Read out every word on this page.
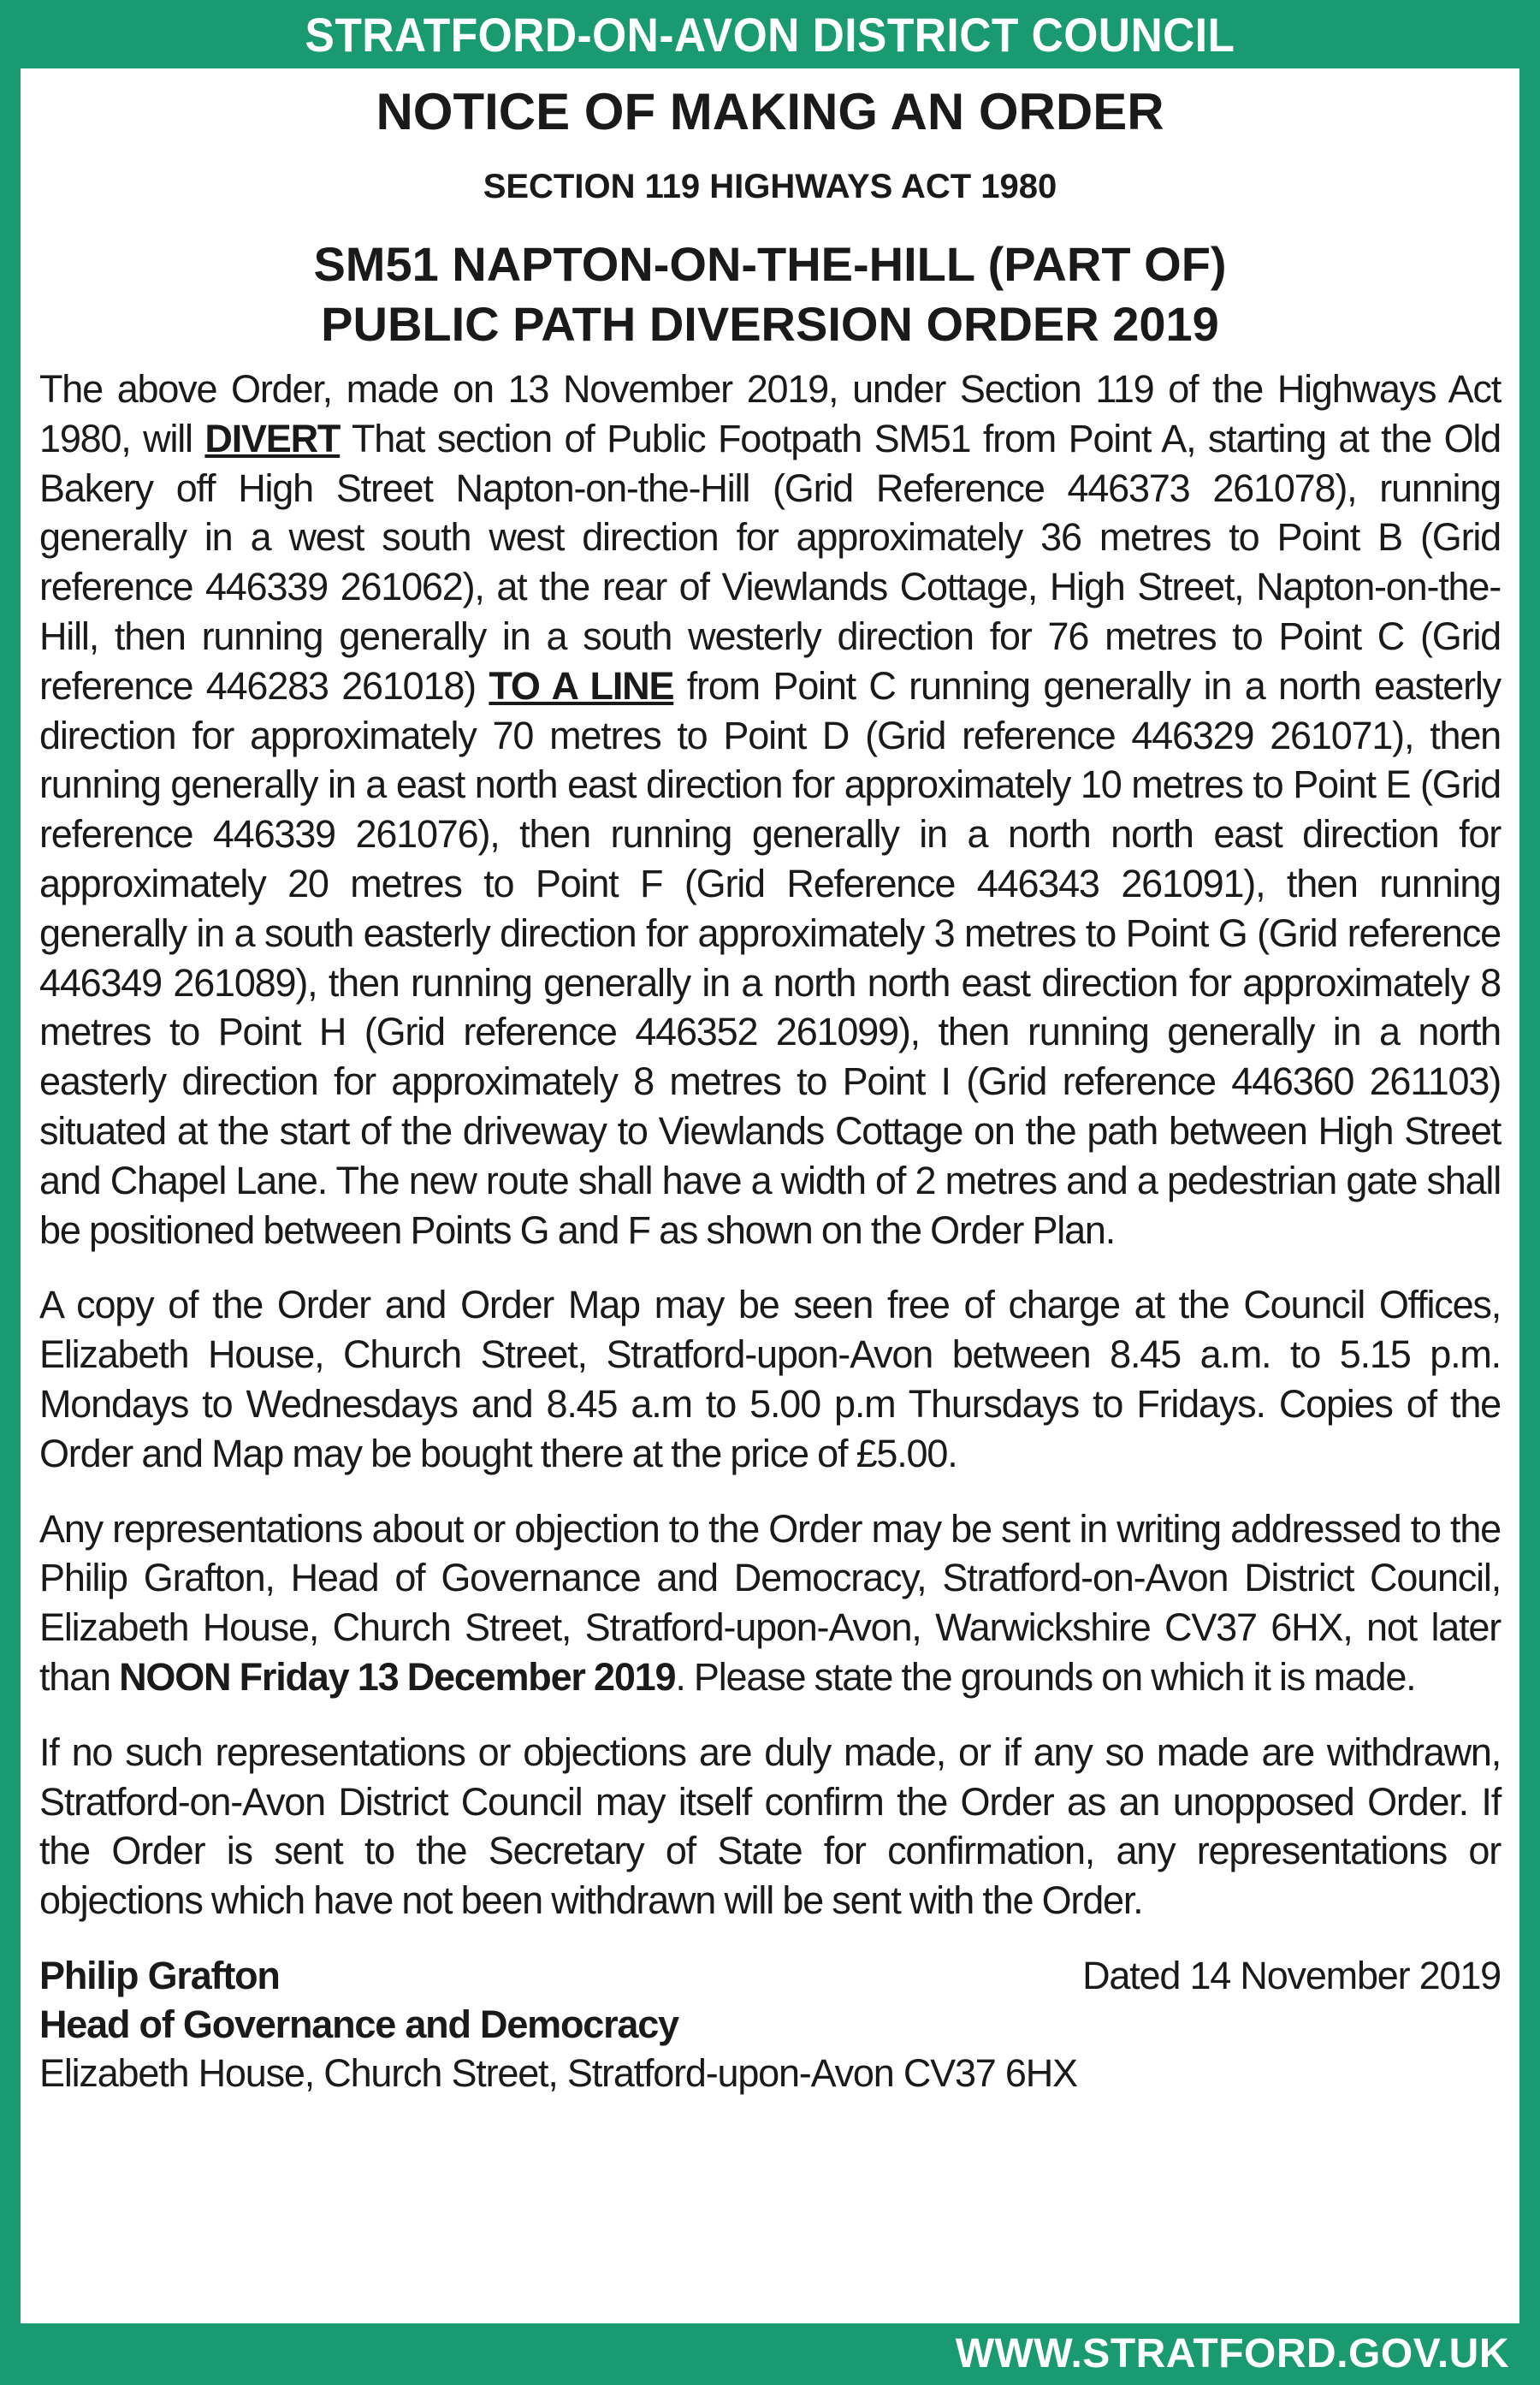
STRATFORD-ON-AVON DISTRICT COUNCIL
NOTICE OF MAKING AN ORDER
SECTION 119 HIGHWAYS ACT 1980
SM51 NAPTON-ON-THE-HILL (PART OF)
PUBLIC PATH DIVERSION ORDER 2019

The above Order, made on 13 November 2019, under Section 119 of the Highways Act 1980, will DIVERT That section of Public Footpath SM51 from Point A, starting at the Old Bakery off High Street Napton-on-the-Hill (Grid Reference 446373 261078), running generally in a west south west direction for approximately 36 metres to Point B (Grid reference 446339 261062), at the rear of Viewlands Cottage, High Street, Napton-on-the-Hill, then running generally in a south westerly direction for 76 metres to Point C (Grid reference 446283 261018) TO A LINE from Point C running generally in a north easterly direction for approximately 70 metres to Point D (Grid reference 446329 261071), then running generally in a east north east direction for approximately 10 metres to Point E (Grid reference 446339 261076), then running generally in a north north east direction for approximately 20 metres to Point F (Grid Reference 446343 261091), then running generally in a south easterly direction for approximately 3 metres to Point G (Grid reference 446349 261089), then running generally in a north north east direction for approximately 8 metres to Point H (Grid reference 446352 261099), then running generally in a north easterly direction for approximately 8 metres to Point I (Grid reference 446360 261103) situated at the start of the driveway to Viewlands Cottage on the path between High Street and Chapel Lane. The new route shall have a width of 2 metres and a pedestrian gate shall be positioned between Points G and F as shown on the Order Plan.

A copy of the Order and Order Map may be seen free of charge at the Council Offices, Elizabeth House, Church Street, Stratford-upon-Avon between 8.45 a.m. to 5.15 p.m. Mondays to Wednesdays and 8.45 a.m to 5.00 p.m Thursdays to Fridays. Copies of the Order and Map may be bought there at the price of £5.00.

Any representations about or objection to the Order may be sent in writing addressed to the Philip Grafton, Head of Governance and Democracy, Stratford-on-Avon District Council, Elizabeth House, Church Street, Stratford-upon-Avon, Warwickshire CV37 6HX, not later than NOON Friday 13 December 2019. Please state the grounds on which it is made.

If no such representations or objections are duly made, or if any so made are withdrawn, Stratford-on-Avon District Council may itself confirm the Order as an unopposed Order. If the Order is sent to the Secretary of State for confirmation, any representations or objections which have not been withdrawn will be sent with the Order.

Philip Grafton	Dated 14 November 2019
Head of Governance and Democracy
Elizabeth House, Church Street, Stratford-upon-Avon CV37 6HX
WWW.STRATFORD.GOV.UK
